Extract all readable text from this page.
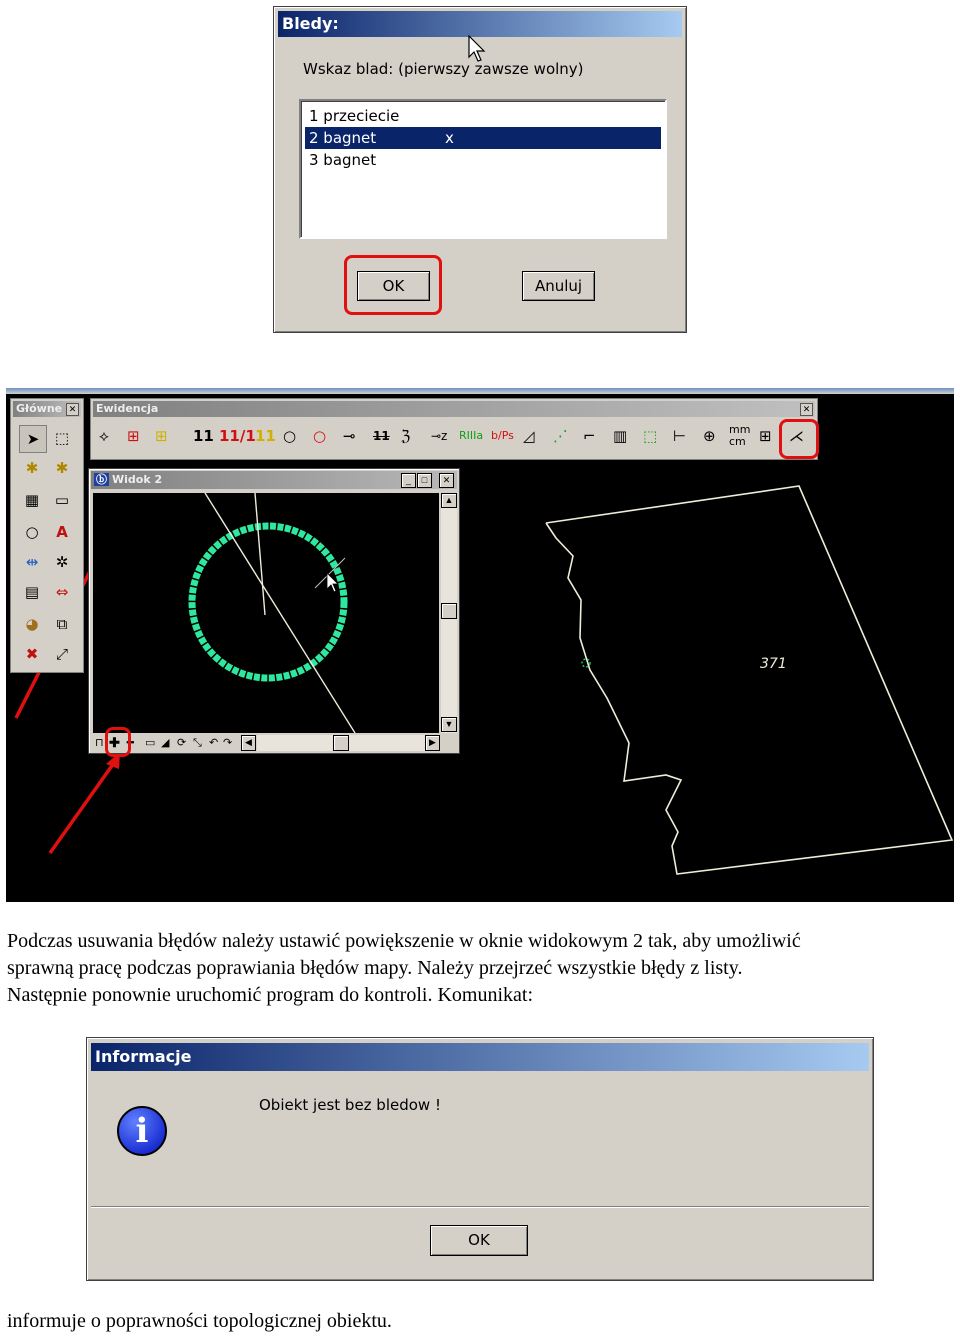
Bledy:
Wskaz blad: (pierwszy zawsze wolny)
1 przeciecie
2 bagnet	x
3 bagnet
OK	Anuluj
371
Główne ✕
➤	⬚
✱	✱
▦	▭
○	A
⇹	✲
▤	⇔
◕	⧉
✖	⤢
Ewidencja	✕
⟡ ⊞ ⊞ 11 11/1 11 ○ ○ ⊸ 11 ℨ ⊸z RIIIa b/Ps ◿ ⋰ ⌐ ▥ ⬚ ⊢ ⊕ mm
cm ⊞ ⋌
ⓑ Widok 2	_	□	✕
▲
▼
⊓ ✚ ━ ▭ ◢ ⟳ ⤡ ↶ ↷	◀	▶
Podczas usuwania błędów należy ustawić powiększenie w oknie widokowym 2 tak, aby umożliwić
sprawną pracę podczas poprawiania błędów mapy. Należy przejrzeć wszystkie błędy z listy.
Następnie ponownie uruchomić program do kontroli. Komunikat:
Informacje
i
Obiekt jest bez bledow !
OK
informuje o poprawności topologicznej obiektu.
